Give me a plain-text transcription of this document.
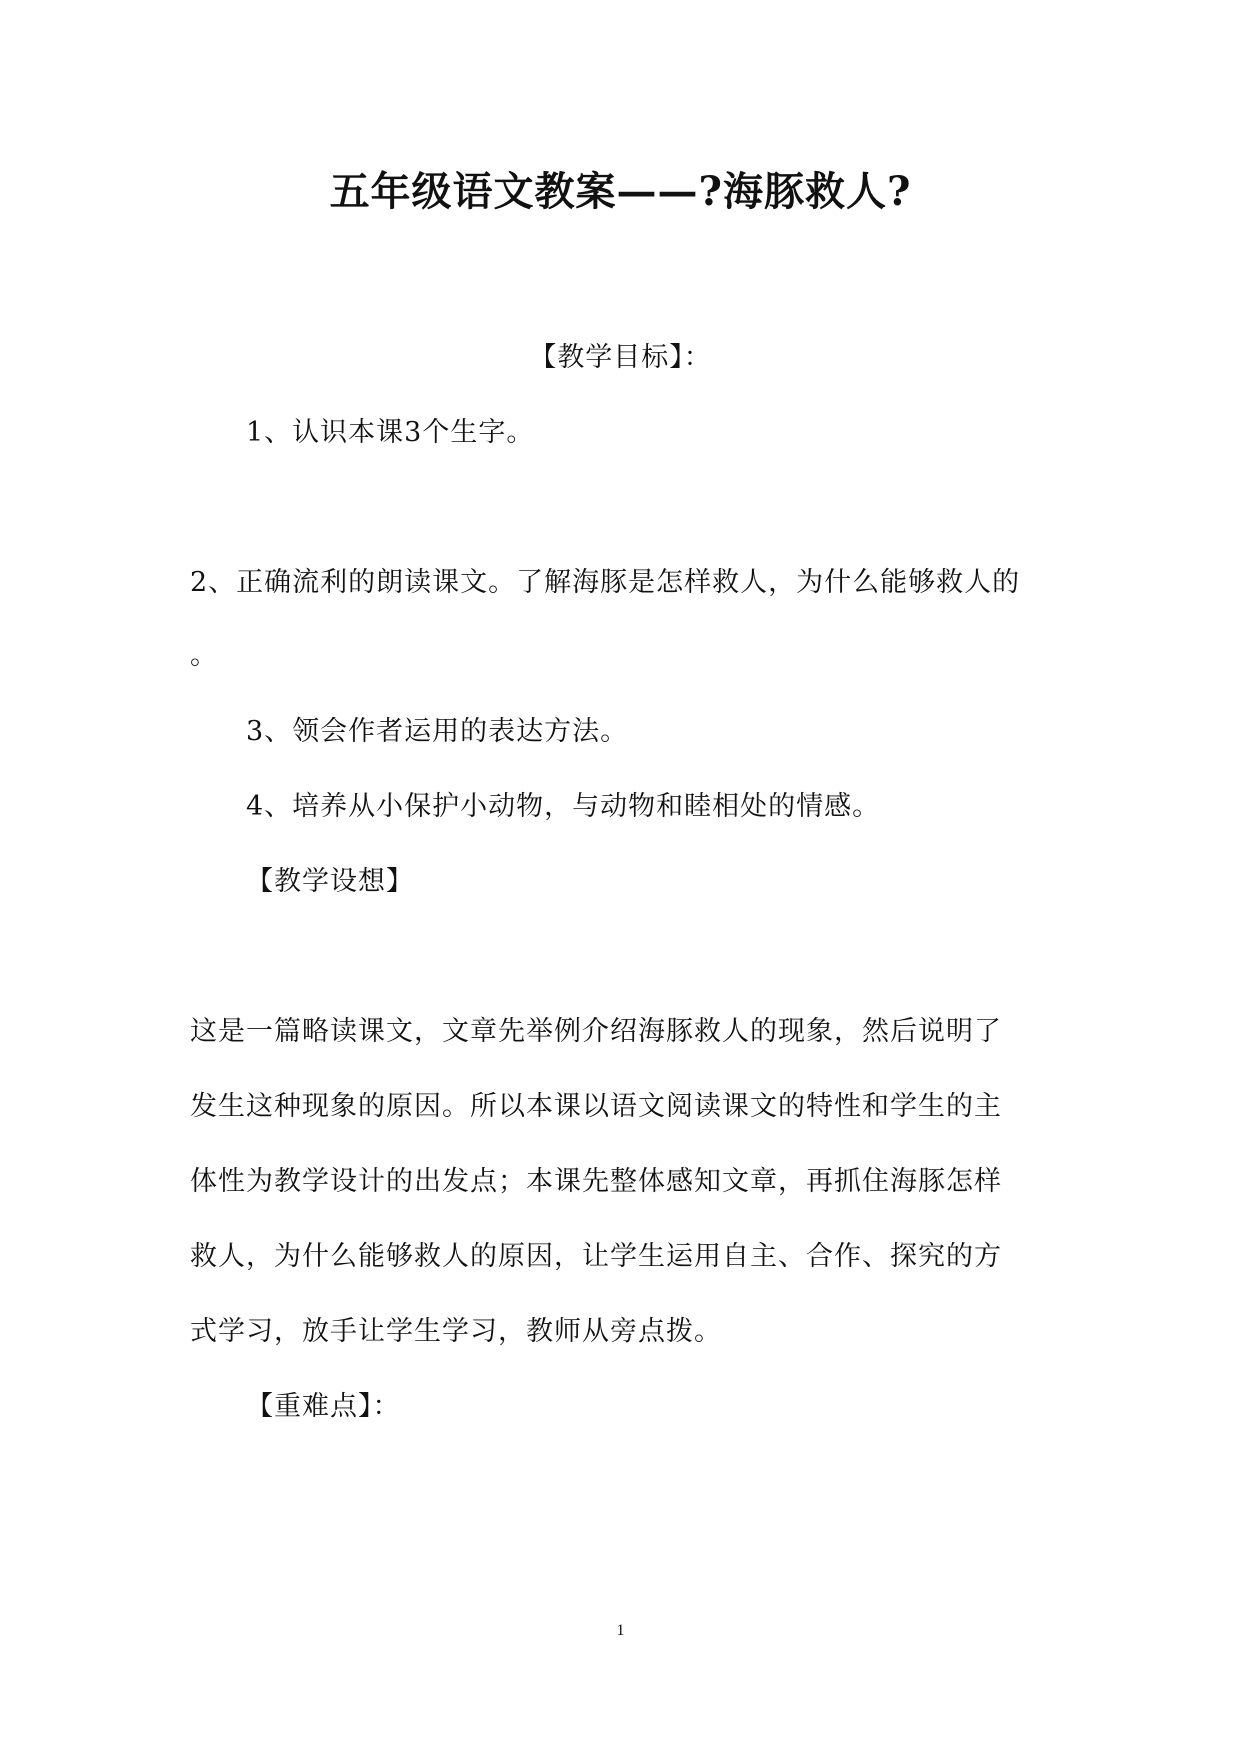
五年级语文教案——?海豚救人?
【教学目标】：
1、认识本课3个生字。
2、正确流利的朗读课文。了解海豚是怎样救人，为什么能够救人的
。
3、领会作者运用的表达方法。
4、培养从小保护小动物，与动物和睦相处的情感。
【教学设想】
这是一篇略读课文，文章先举例介绍海豚救人的现象，然后说明了
发生这种现象的原因。所以本课以语文阅读课文的特性和学生的主
体性为教学设计的出发点；本课先整体感知文章，再抓住海豚怎样
救人，为什么能够救人的原因，让学生运用自主、合作、探究的方
式学习，放手让学生学习，教师从旁点拨。
【重难点】：
1
